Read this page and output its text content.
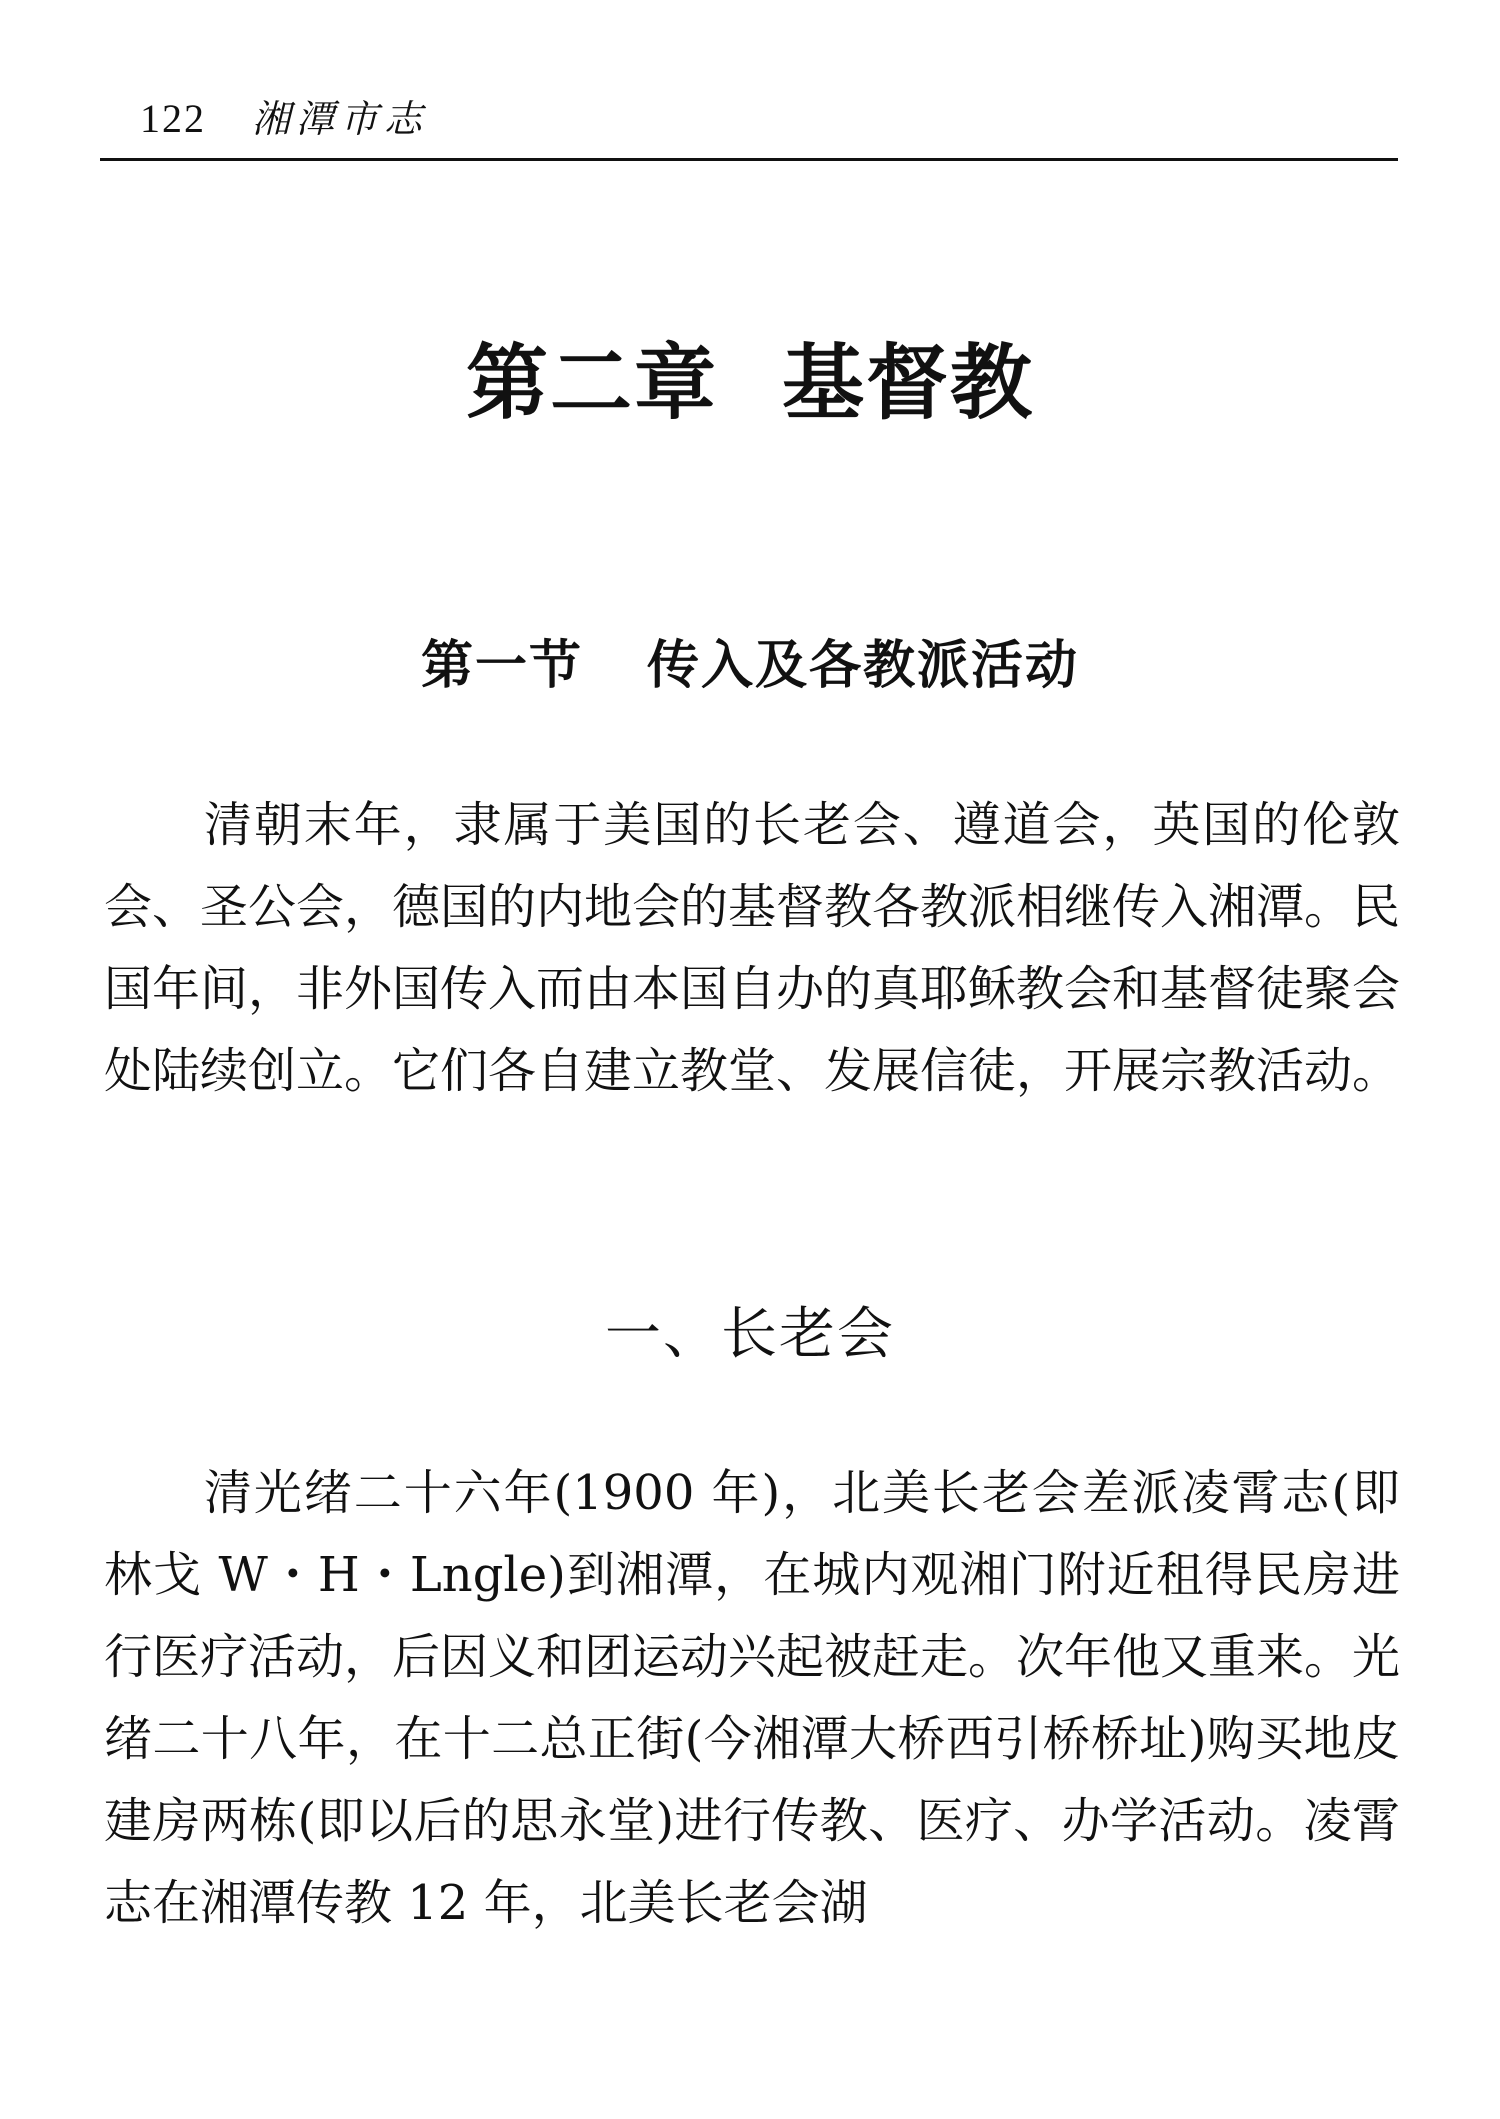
122 湘潭市志
第二章 基督教
第一节 传入及各教派活动

清朝末年，隶属于美国的长老会、遵道会，英国的伦敦会、圣公会，德国的内地会的基督教各教派相继传入湘潭。民国年间，非外国传入而由本国自办的真耶稣教会和基督徒聚会处陆续创立。它们各自建立教堂、发展信徒，开展宗教活动。

一、长老会

清光绪二十六年(1900 年)，北美长老会差派凌霄志(即林戈 W・H・Lngle)到湘潭，在城内观湘门附近租得民房进行医疗活动，后因义和团运动兴起被赶走。次年他又重来。光绪二十八年，在十二总正街(今湘潭大桥西引桥桥址)购买地皮建房两栋(即以后的思永堂)进行传教、医疗、办学活动。凌霄志在湘潭传教 12 年，北美长老会湖
